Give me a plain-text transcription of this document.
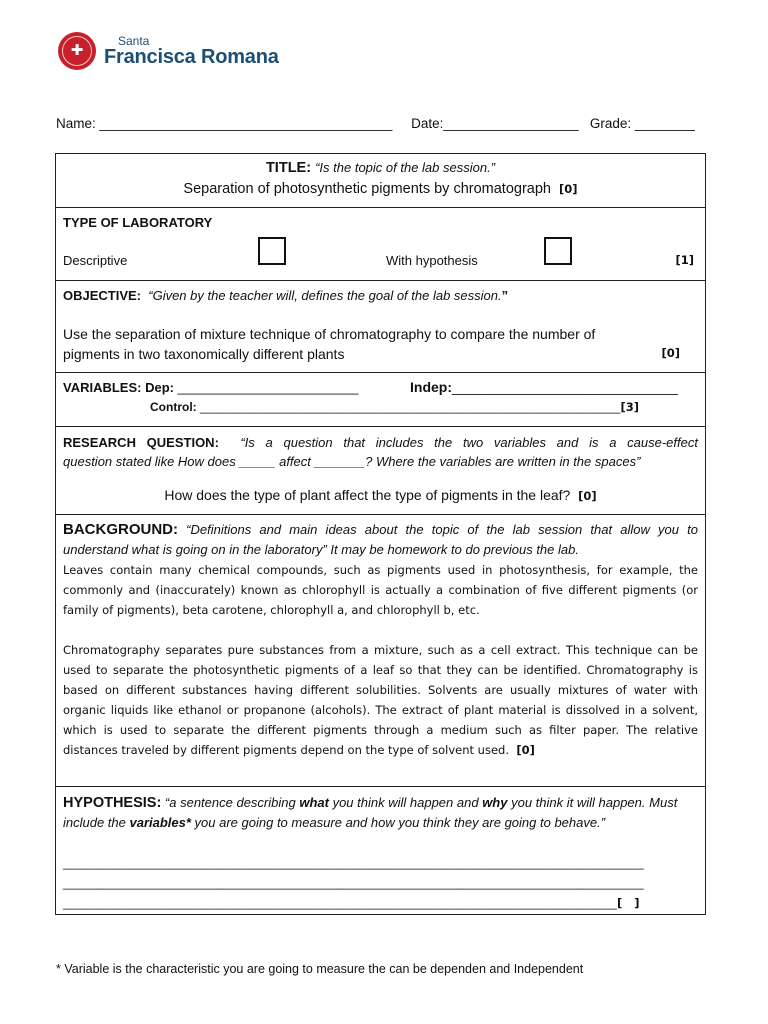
✚	Santa
Francisca Romana
Name: _______________________________________ Date:__________________ Grade: ________
TITLE: “Is the topic of the lab session.”
Separation of photosynthetic pigments by chromatograph [0]
TYPE OF LABORATORY
Descriptive	With hypothesis	[1]
OBJECTIVE: “Given by the teacher will, defines the goal of the lab session.”
Use the separation of mixture technique of chromatography to compare the number of
pigments in two taxonomically different plants	[0]
VARIABLES: Dep: _________________________	Indep:_____________________________
Control: _______________________________________________________________[3]
RESEARCH QUESTION: “Is a question that includes the two variables and is a cause-effect
question stated like How does _____ affect _______? Where the variables are written in the spaces”
How does the type of plant affect the type of pigments in the leaf? [0]
BACKGROUND: “Definitions and main ideas about the topic of the lab session that allow you to understand what is going on in the laboratory” It may be homework to do previous the lab.
Leaves contain many chemical compounds, such as pigments used in photosynthesis, for example, the commonly and (inaccurately) known as chlorophyll is actually a combination of five different pigments (or family of pigments), beta carotene, chlorophyll a, and chlorophyll b, etc.
Chromatography separates pure substances from a mixture, such as a cell extract. This technique can be used to separate the photosynthetic pigments of a leaf so that they can be identified. Chromatography is based on different substances having different solubilities. Solvents are usually mixtures of water with organic liquids like ethanol or propanone (alcohols). The extract of plant material is dissolved in a solvent, which is used to separate the different pigments through a medium such as filter paper. The relative distances traveled by different pigments depend on the type of solvent used. [0]
HYPOTHESIS: “a sentence describing what you think will happen and why you think it will happen. Must include the variables* you are going to measure and how you think they are going to behave.”
_______________________________________________________________________________________
_______________________________________________________________________________________
___________________________________________________________________________________[   ]
* Variable is the characteristic you are going to measure the can be dependen and Independent
